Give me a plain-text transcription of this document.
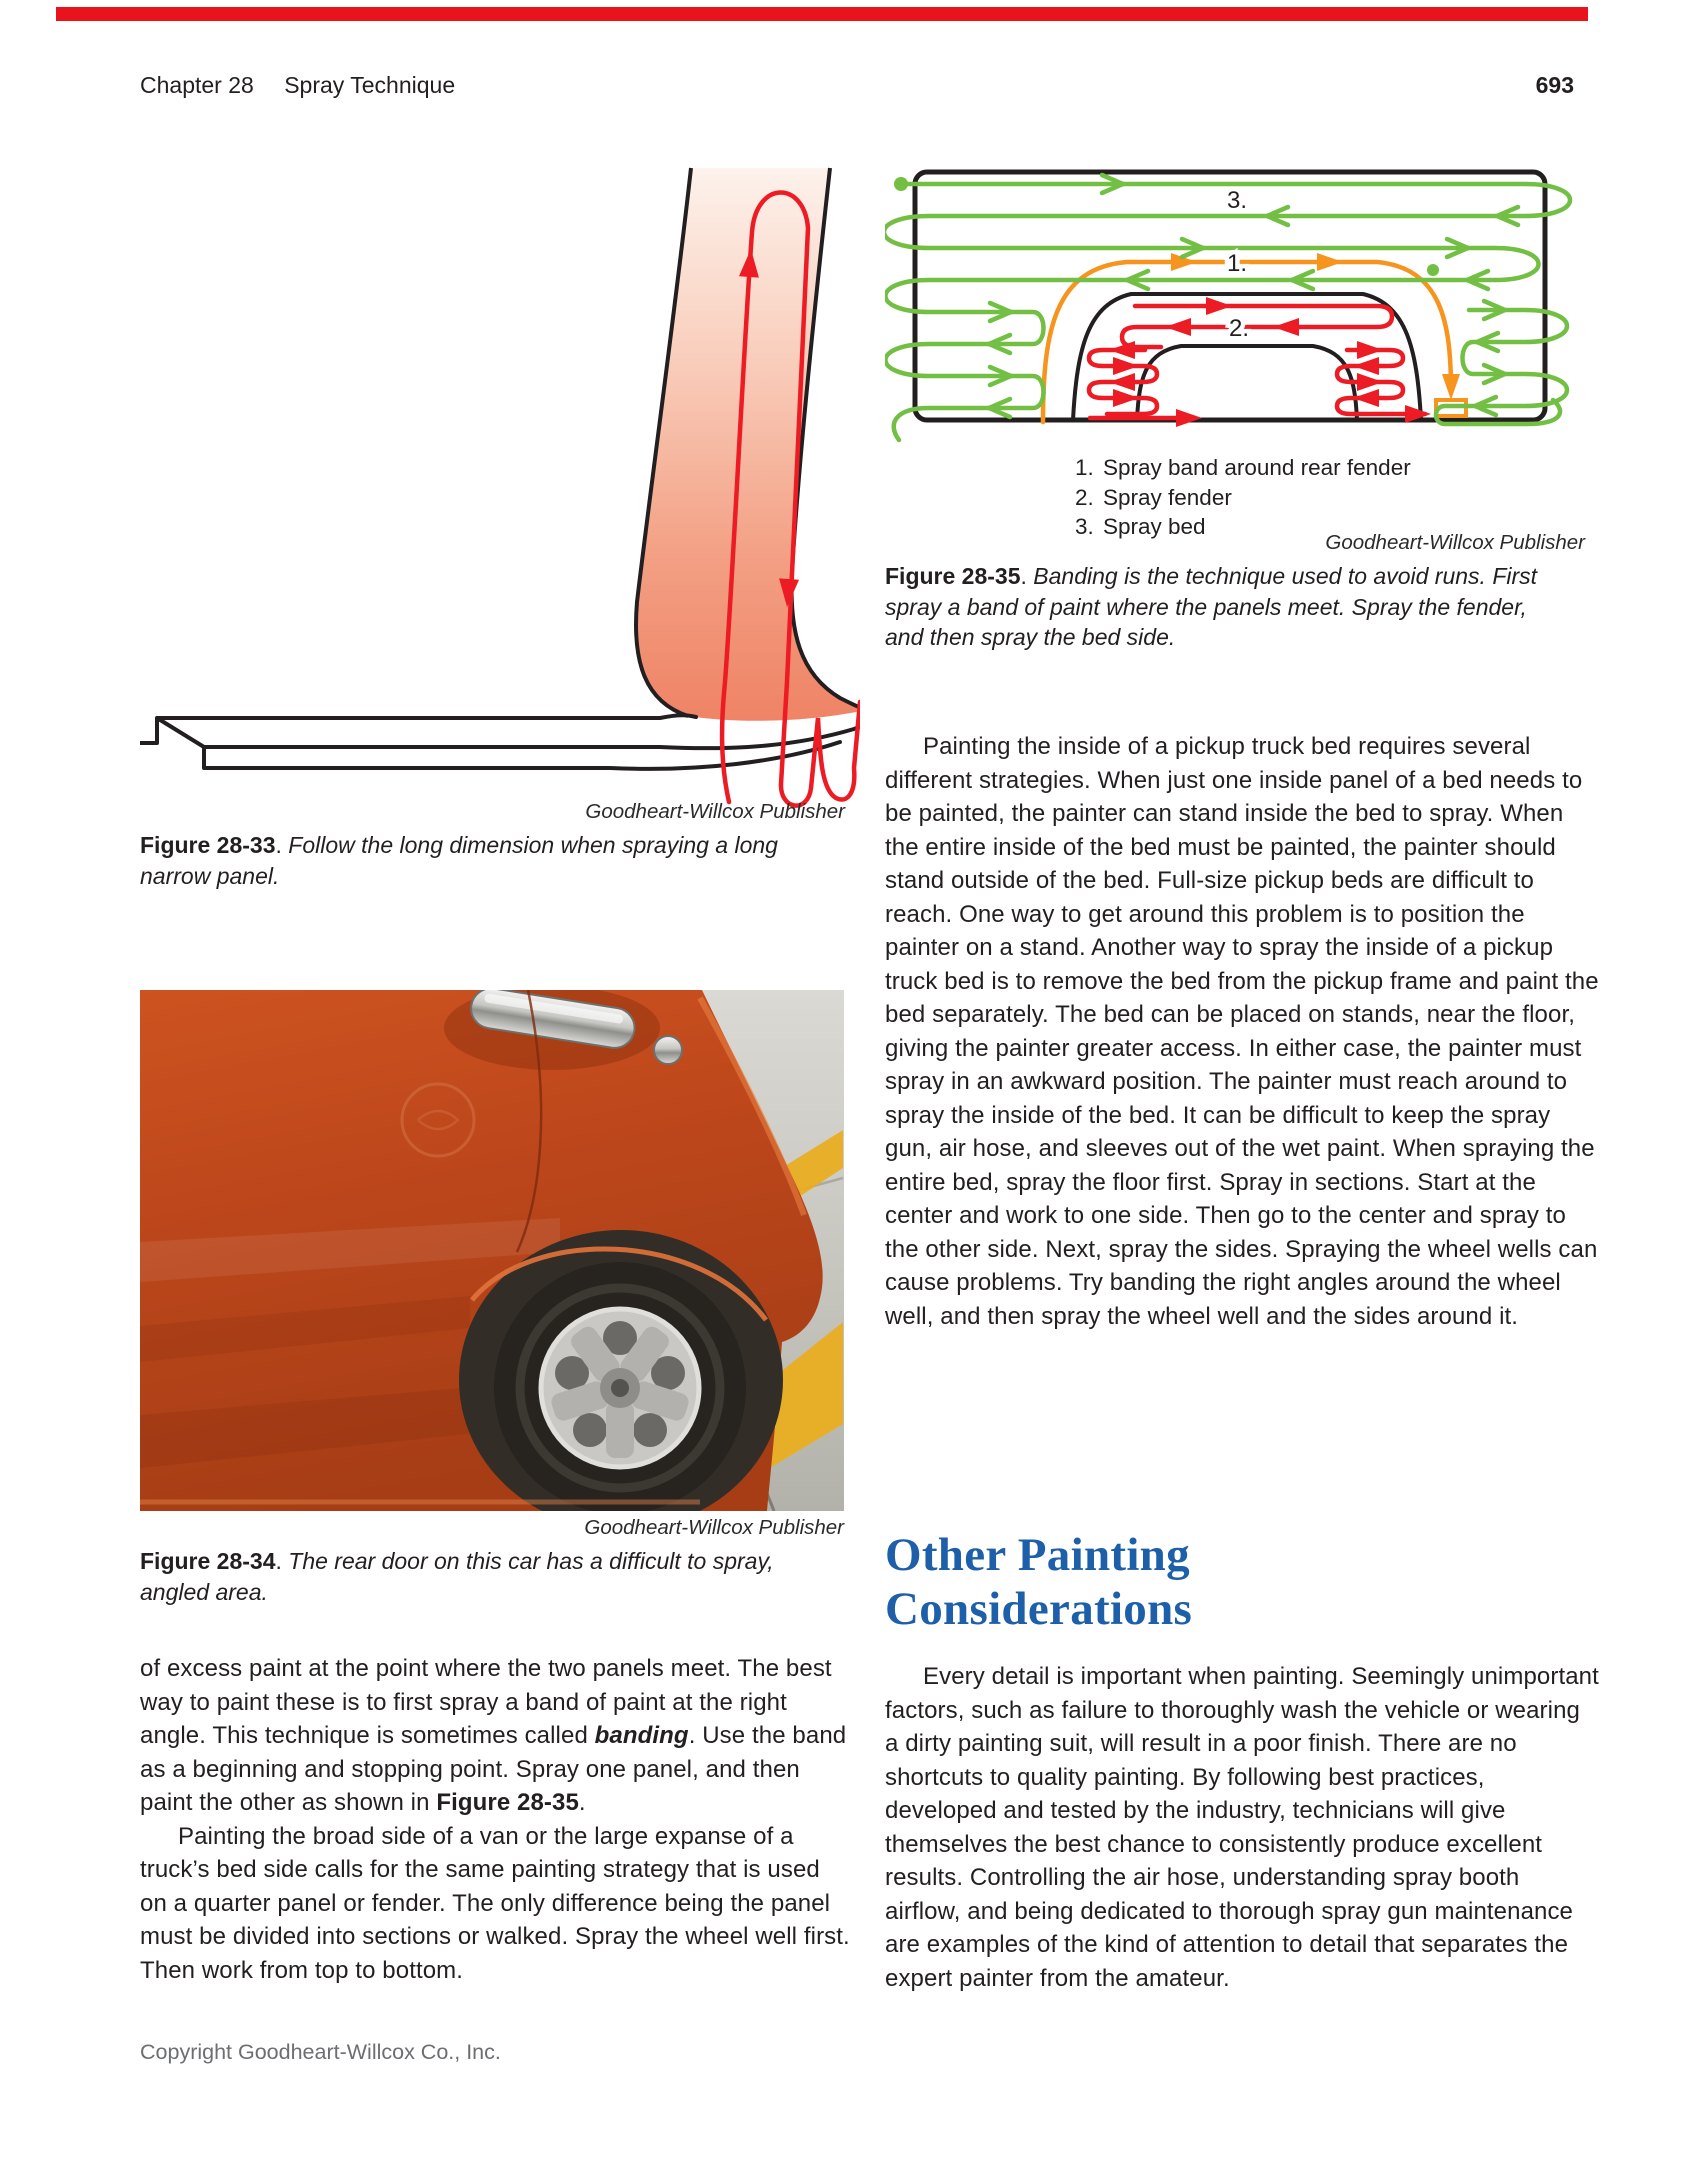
Chapter 28 Spray Technique	693
Goodheart-Willcox Publisher
Figure 28-33. Follow the long dimension when spraying a long narrow panel.
Goodheart-Willcox Publisher
Figure 28-34. The rear door on this car has a difficult to spray, angled area.

of excess paint at the point where the two panels meet. The best way to paint these is to first spray a band of paint at the right angle. This technique is sometimes called banding. Use the band as a beginning and stopping point. Spray one panel, and then paint the other as shown in Figure 28-35.

Painting the broad side of a van or the large expanse of a truck’s bed side calls for the same painting strategy that is used on a quarter panel or fender. The only difference being the panel must be divided into sections or walked. Spray the wheel well first. Then work from top to bottom.

3.
1.
2.
1. Spray band around rear fender
2. Spray fender
3. Spray bed
Goodheart-Willcox Publisher
Figure 28-35. Banding is the technique used to avoid runs. First spray a band of paint where the panels meet. Spray the fender, and then spray the bed side.

Painting the inside of a pickup truck bed requires several different strategies. When just one inside panel of a bed needs to be painted, the painter can stand inside the bed to spray. When the entire inside of the bed must be painted, the painter should stand outside of the bed. Full-size pickup beds are difficult to reach. One way to get around this problem is to position the painter on a stand. Another way to spray the inside of a pickup truck bed is to remove the bed from the pickup frame and paint the bed separately. The bed can be placed on stands, near the floor, giving the painter greater access. In either case, the painter must spray in an awkward position. The painter must reach around to spray the inside of the bed. It can be difficult to keep the spray gun, air hose, and sleeves out of the wet paint. When spraying the entire bed, spray the floor first. Spray in sections. Start at the center and work to one side. Then go to the center and spray to the other side. Next, spray the sides. Spraying the wheel wells can cause problems. Try banding the right angles around the wheel well, and then spray the wheel well and the sides around it.

Other Painting Considerations

Every detail is important when painting. Seemingly unimportant factors, such as failure to thoroughly wash the vehicle or wearing a dirty painting suit, will result in a poor finish. There are no shortcuts to quality painting. By following best practices, developed and tested by the industry, technicians will give themselves the best chance to consistently produce excellent results. Controlling the air hose, understanding spray booth airflow, and being dedicated to thorough spray gun maintenance are examples of the kind of attention to detail that separates the expert painter from the amateur.

Copyright Goodheart-Willcox Co., Inc.
